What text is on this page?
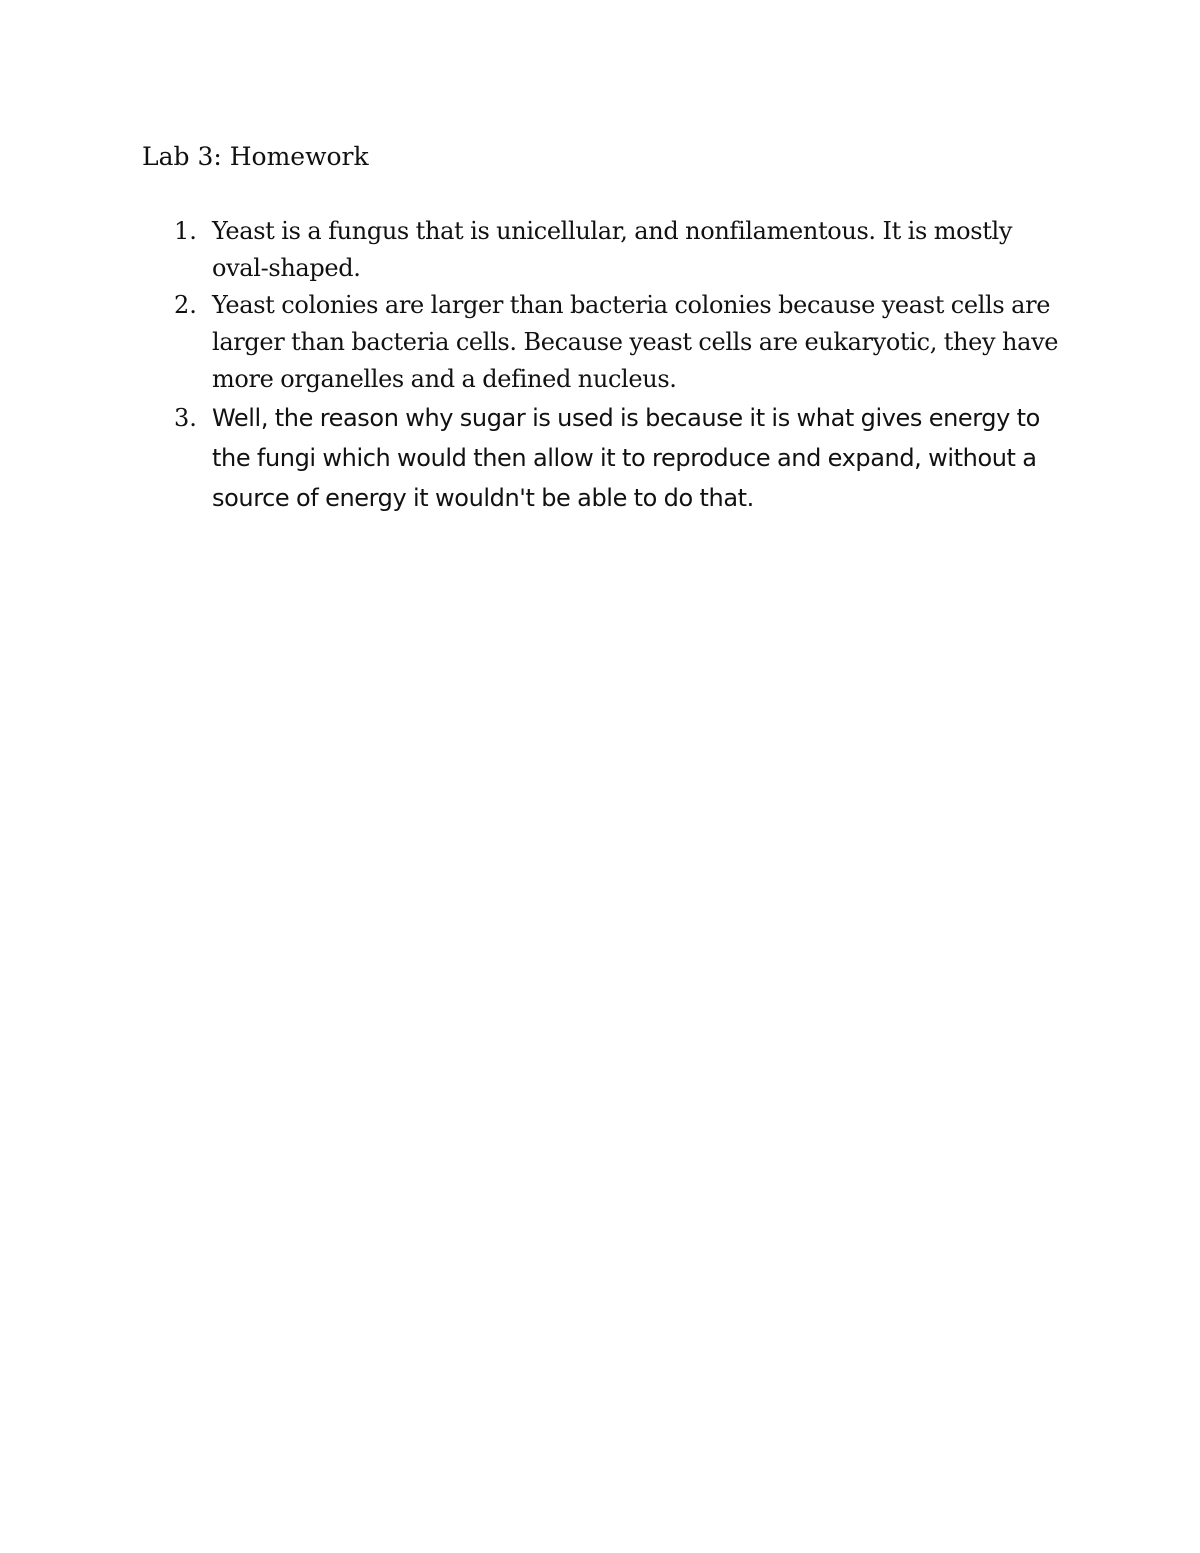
Lab 3: Homework
1. Yeast is a fungus that is unicellular, and nonfilamentous. It is mostly oval-shaped.
2. Yeast colonies are larger than bacteria colonies because yeast cells are larger than bacteria cells. Because yeast cells are eukaryotic, they have more organelles and a defined nucleus.
3. Well, the reason why sugar is used is because it is what gives energy to the fungi which would then allow it to reproduce and expand, without a source of energy it wouldn't be able to do that.
